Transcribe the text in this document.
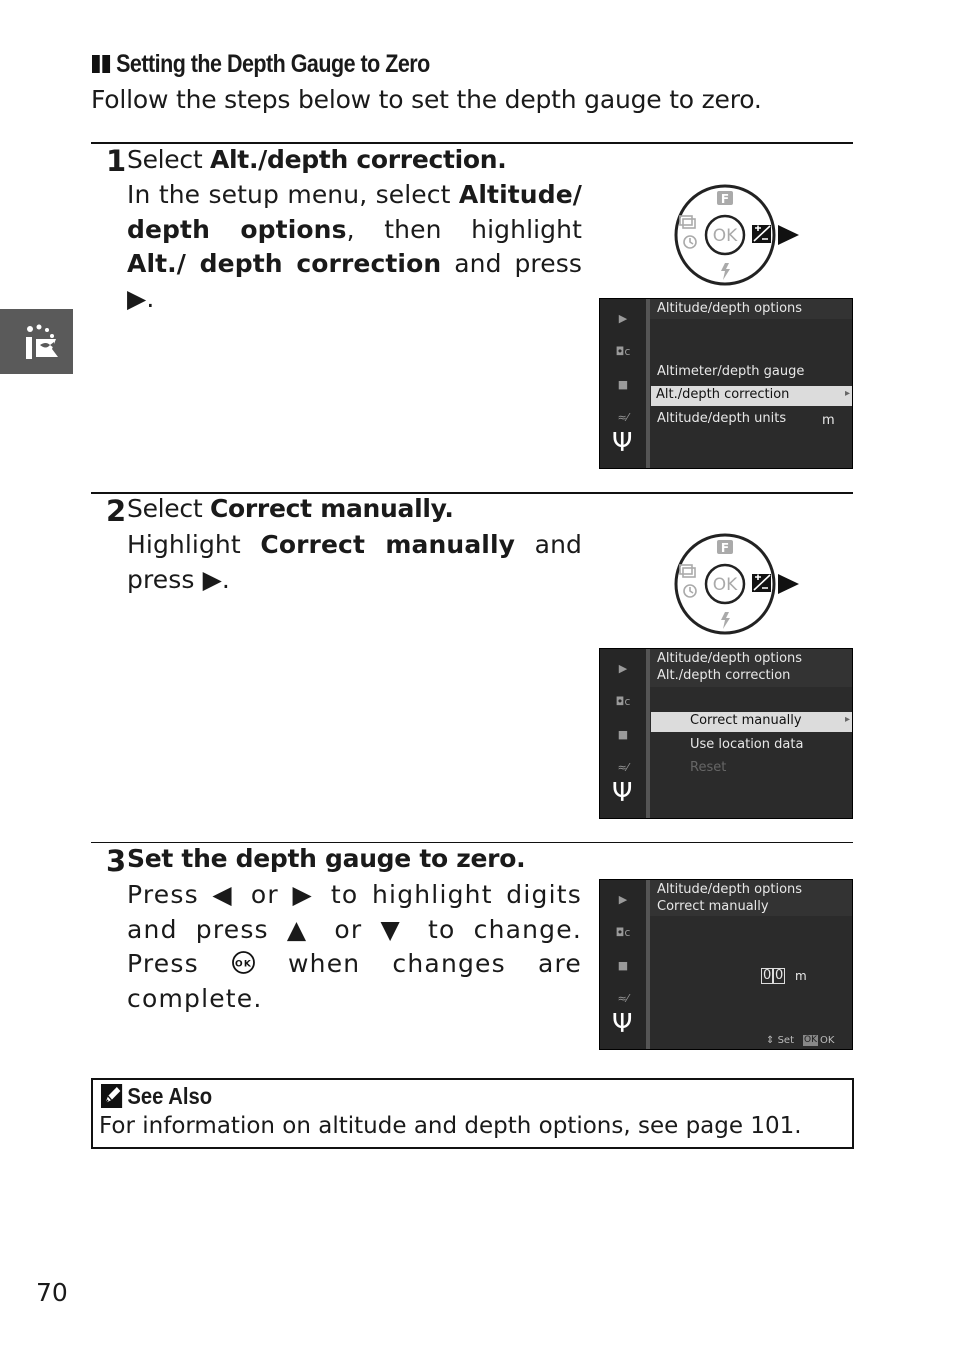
Setting the Depth Gauge to Zero
Follow the steps below to set the depth gauge to zero.
1 Select Alt./depth correction.
In the setup menu, select Altitude/ depth options, then highlight Alt./ depth correction and press ▶.
OK
F
▶
◘c
■
≈⁄
Ψ
Altitude/depth options
Altimeter/depth gauge
Alt./depth correction	▸
Altitude/depth units	m
2 Select Correct manually.
Highlight Correct manually and press ▶.	OK
F
▶
◘c
■
≈⁄
Ψ
Altitude/depth options
Alt./depth correction
Correct manually	▸
Use location data
Reset
3 Set the depth gauge to zero.
Press ◀ or ▶ to highlight digits and press ▲ or ▼ to change. Press OK when changes are complete.
▶
◘c
■
≈⁄
Ψ
Altitude/depth options
Correct manually
0 0 m
⇕ Set OK OK
See Also
For information on altitude and depth options, see page 101.
70
